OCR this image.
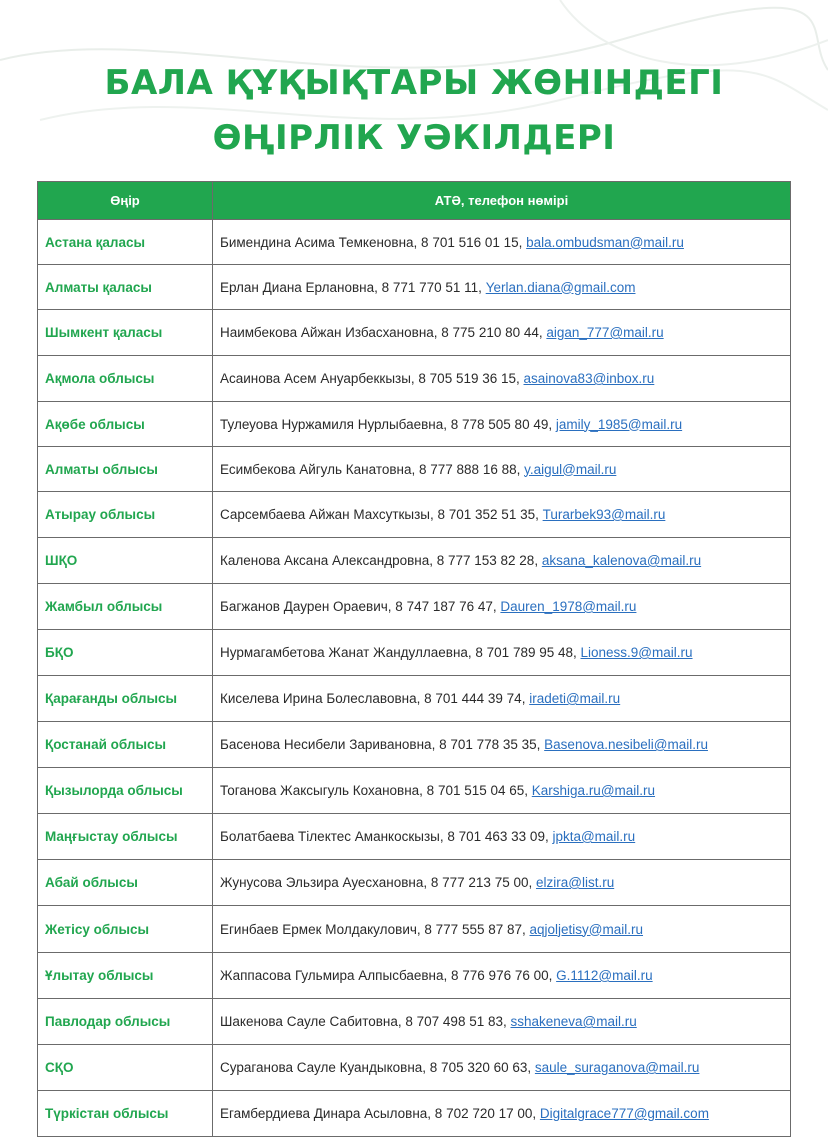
БАЛА ҚҰҚЫҚТАРЫ ЖӨНІНДЕГІ
ӨҢІРЛІК УӘКІЛДЕРІ
Өңір	АТӘ, телефон нөмірі
Астана қаласы	Бимендина Асима Темкеновна, 8 701 516 01 15, bala.ombudsman@mail.ru
Алматы қаласы	Ерлан Диана Ерлановна, 8 771 770 51 11, Yerlan.diana@gmail.com
Шымкент қаласы	Наимбекова Айжан Избасхановна, 8 775 210 80 44, aigan_777@mail.ru
Ақмола облысы	Асаинова Асем Ануарбеккызы, 8 705 519 36 15, asainova83@inbox.ru
Ақөбе облысы	Тулеуова Нуржамиля Нурлыбаевна, 8 778 505 80 49, jamily_1985@mail.ru
Алматы облысы	Есимбекова Айгуль Канатовна, 8 777 888 16 88, y.aigul@mail.ru
Атырау облысы	Сарсембаева Айжан Махсуткызы, 8 701 352 51 35, Turarbek93@mail.ru
ШҚО	Каленова Аксана Александровна, 8 777 153 82 28, aksana_kalenova@mail.ru
Жамбыл облысы	Багжанов Даурен Ораевич, 8 747 187 76 47, Dauren_1978@mail.ru
БҚО	Нурмагамбетова Жанат Жандуллаевна, 8 701 789 95 48, Lioness.9@mail.ru
Қарағанды облысы	Киселева Ирина Болеславовна, 8 701 444 39 74, iradeti@mail.ru
Қостанай облысы	Басенова Несибели Заривановна, 8 701 778 35 35, Basenova.nesibeli@mail.ru
Қызылорда облысы	Тоганова Жаксыгуль Кохановна, 8 701 515 04 65, Karshiga.ru@mail.ru
Маңғыстау облысы	Болатбаева Тілектес Аманкоскызы, 8 701 463 33 09, jpkta@mail.ru
Абай облысы	Жунусова Эльзира Ауесхановна, 8 777 213 75 00, elzira@list.ru
Жетісу облысы	Егинбаев Ермек Молдакулович, 8 777 555 87 87, aqjoljetisy@mail.ru
Ұлытау облысы	Жаппасова Гульмира Алпысбаевна, 8 776 976 76 00, G.1112@mail.ru
Павлодар облысы	Шакенова Сауле Сабитовна, 8 707 498 51 83, sshakeneva@mail.ru
СҚО	Сураганова Сауле Куандыковна, 8 705 320 60 63, saule_suraganova@mail.ru
Түркістан облысы	Егамбердиева Динара Асыловна, 8 702 720 17 00, Digitalgrace777@gmail.com
